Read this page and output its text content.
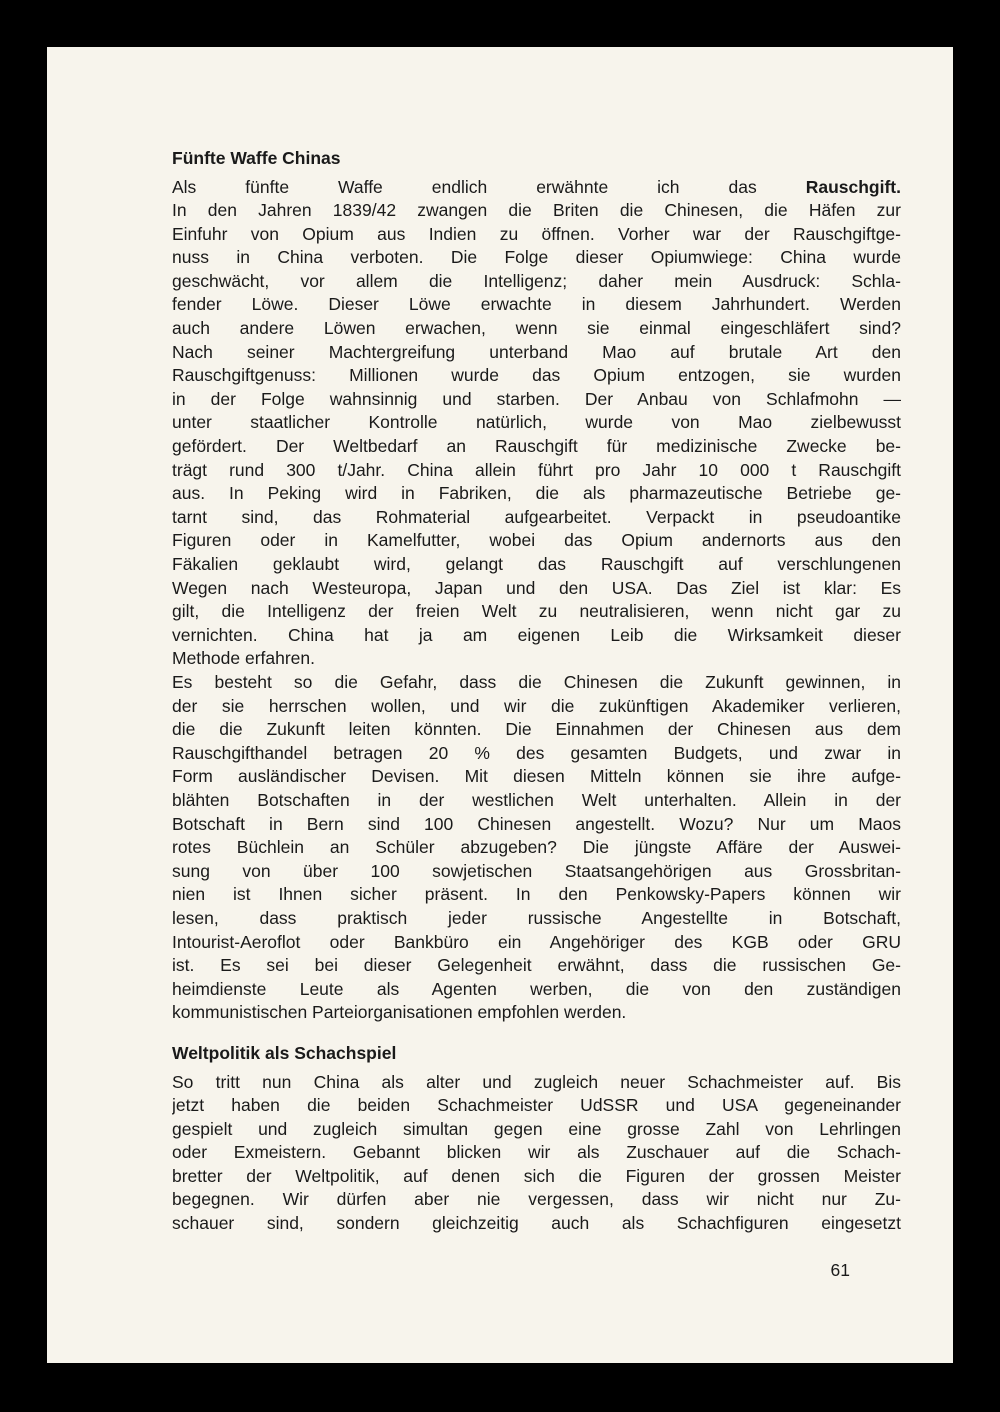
Fünfte Waffe Chinas
Als fünfte Waffe endlich erwähnte ich das Rauschgift.
In den Jahren 1839/42 zwangen die Briten die Chinesen, die Häfen zur
Einfuhr von Opium aus Indien zu öffnen. Vorher war der Rauschgiftge-
nuss in China verboten. Die Folge dieser Opiumwiege: China wurde
geschwächt, vor allem die Intelligenz; daher mein Ausdruck: Schla-
fender Löwe. Dieser Löwe erwachte in diesem Jahrhundert. Werden
auch andere Löwen erwachen, wenn sie einmal eingeschläfert sind?
Nach seiner Machtergreifung unterband Mao auf brutale Art den
Rauschgiftgenuss: Millionen wurde das Opium entzogen, sie wurden
in der Folge wahnsinnig und starben. Der Anbau von Schlafmohn —
unter staatlicher Kontrolle natürlich, wurde von Mao zielbewusst
gefördert. Der Weltbedarf an Rauschgift für medizinische Zwecke be-
trägt rund 300 t/Jahr. China allein führt pro Jahr 10 000 t Rauschgift
aus. In Peking wird in Fabriken, die als pharmazeutische Betriebe ge-
tarnt sind, das Rohmaterial aufgearbeitet. Verpackt in pseudoantike
Figuren oder in Kamelfutter, wobei das Opium andernorts aus den
Fäkalien geklaubt wird, gelangt das Rauschgift auf verschlungenen
Wegen nach Westeuropa, Japan und den USA. Das Ziel ist klar: Es
gilt, die Intelligenz der freien Welt zu neutralisieren, wenn nicht gar zu
vernichten. China hat ja am eigenen Leib die Wirksamkeit dieser
Methode erfahren.
Es besteht so die Gefahr, dass die Chinesen die Zukunft gewinnen, in
der sie herrschen wollen, und wir die zukünftigen Akademiker verlieren,
die die Zukunft leiten könnten. Die Einnahmen der Chinesen aus dem
Rauschgifthandel betragen 20 % des gesamten Budgets, und zwar in
Form ausländischer Devisen. Mit diesen Mitteln können sie ihre aufge-
blähten Botschaften in der westlichen Welt unterhalten. Allein in der
Botschaft in Bern sind 100 Chinesen angestellt. Wozu? Nur um Maos
rotes Büchlein an Schüler abzugeben? Die jüngste Affäre der Auswei-
sung von über 100 sowjetischen Staatsangehörigen aus Grossbritan-
nien ist Ihnen sicher präsent. In den Penkowsky-Papers können wir
lesen, dass praktisch jeder russische Angestellte in Botschaft,
Intourist-Aeroflot oder Bankbüro ein Angehöriger des KGB oder GRU
ist. Es sei bei dieser Gelegenheit erwähnt, dass die russischen Ge-
heimdienste Leute als Agenten werben, die von den zuständigen
kommunistischen Parteiorganisationen empfohlen werden.
Weltpolitik als Schachspiel
So tritt nun China als alter und zugleich neuer Schachmeister auf. Bis
jetzt haben die beiden Schachmeister UdSSR und USA gegeneinander
gespielt und zugleich simultan gegen eine grosse Zahl von Lehrlingen
oder Exmeistern. Gebannt blicken wir als Zuschauer auf die Schach-
bretter der Weltpolitik, auf denen sich die Figuren der grossen Meister
begegnen. Wir dürfen aber nie vergessen, dass wir nicht nur Zu-
schauer sind, sondern gleichzeitig auch als Schachfiguren eingesetzt
61
